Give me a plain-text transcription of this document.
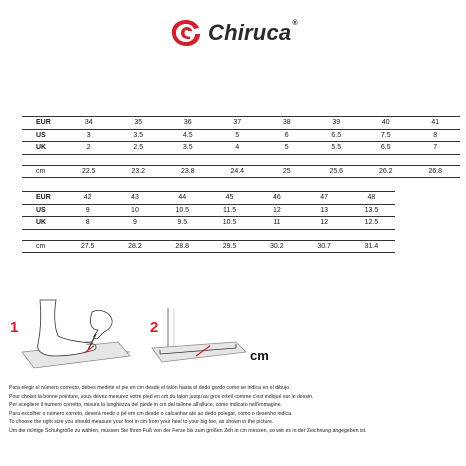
Chiruca®
EUR	34	35	36	37	38	39	40	41
US	3	3.5	4.5	5	6	6.5	7.5	8
UK	2	2.5	3.5	4	5	5.5	6.5	7

cm	22.5	23.2	23.8	24.4	25	25.6	26.2	26.8
EUR	42	43	44	45	46	47	48
US	9	10	10.5	11.5	12	13	13.5
UK	8	9	9.5	10.5	11	12	12.5

cm	27.5	28.2	28.8	29.5	30.2	30.7	31.4
1	2
cm
Para elegir el número correcto, debes medirte el pie en cm desde el talón hasta el dedo gordo como se indica en el dibujo.
Pour choisir la bonne pointure, vous devez mesurez votre pied en cm du talon jusqu'au gros orteil comme c'est indiqué sur le dessin.
Per scegliere il numero corretto, misura la lunghezza del piede in cm dal tallone all'alluce, come indicato nell'immagine.
Para escolher o número correto, deverá medir o pé em cm desde o calcanhar até ao dedo polegar, como o desenho indica.
To choose the right size you should measure your foot in cm from your heel to your big toe, as shown in the picture.
Um die richtige Schuhgröße zu wählen, müssen Sie Ihren Fuß von der Ferse bis zum großen Zeh in cm messen, so wie es in der Zeichnung angegeben ist.
